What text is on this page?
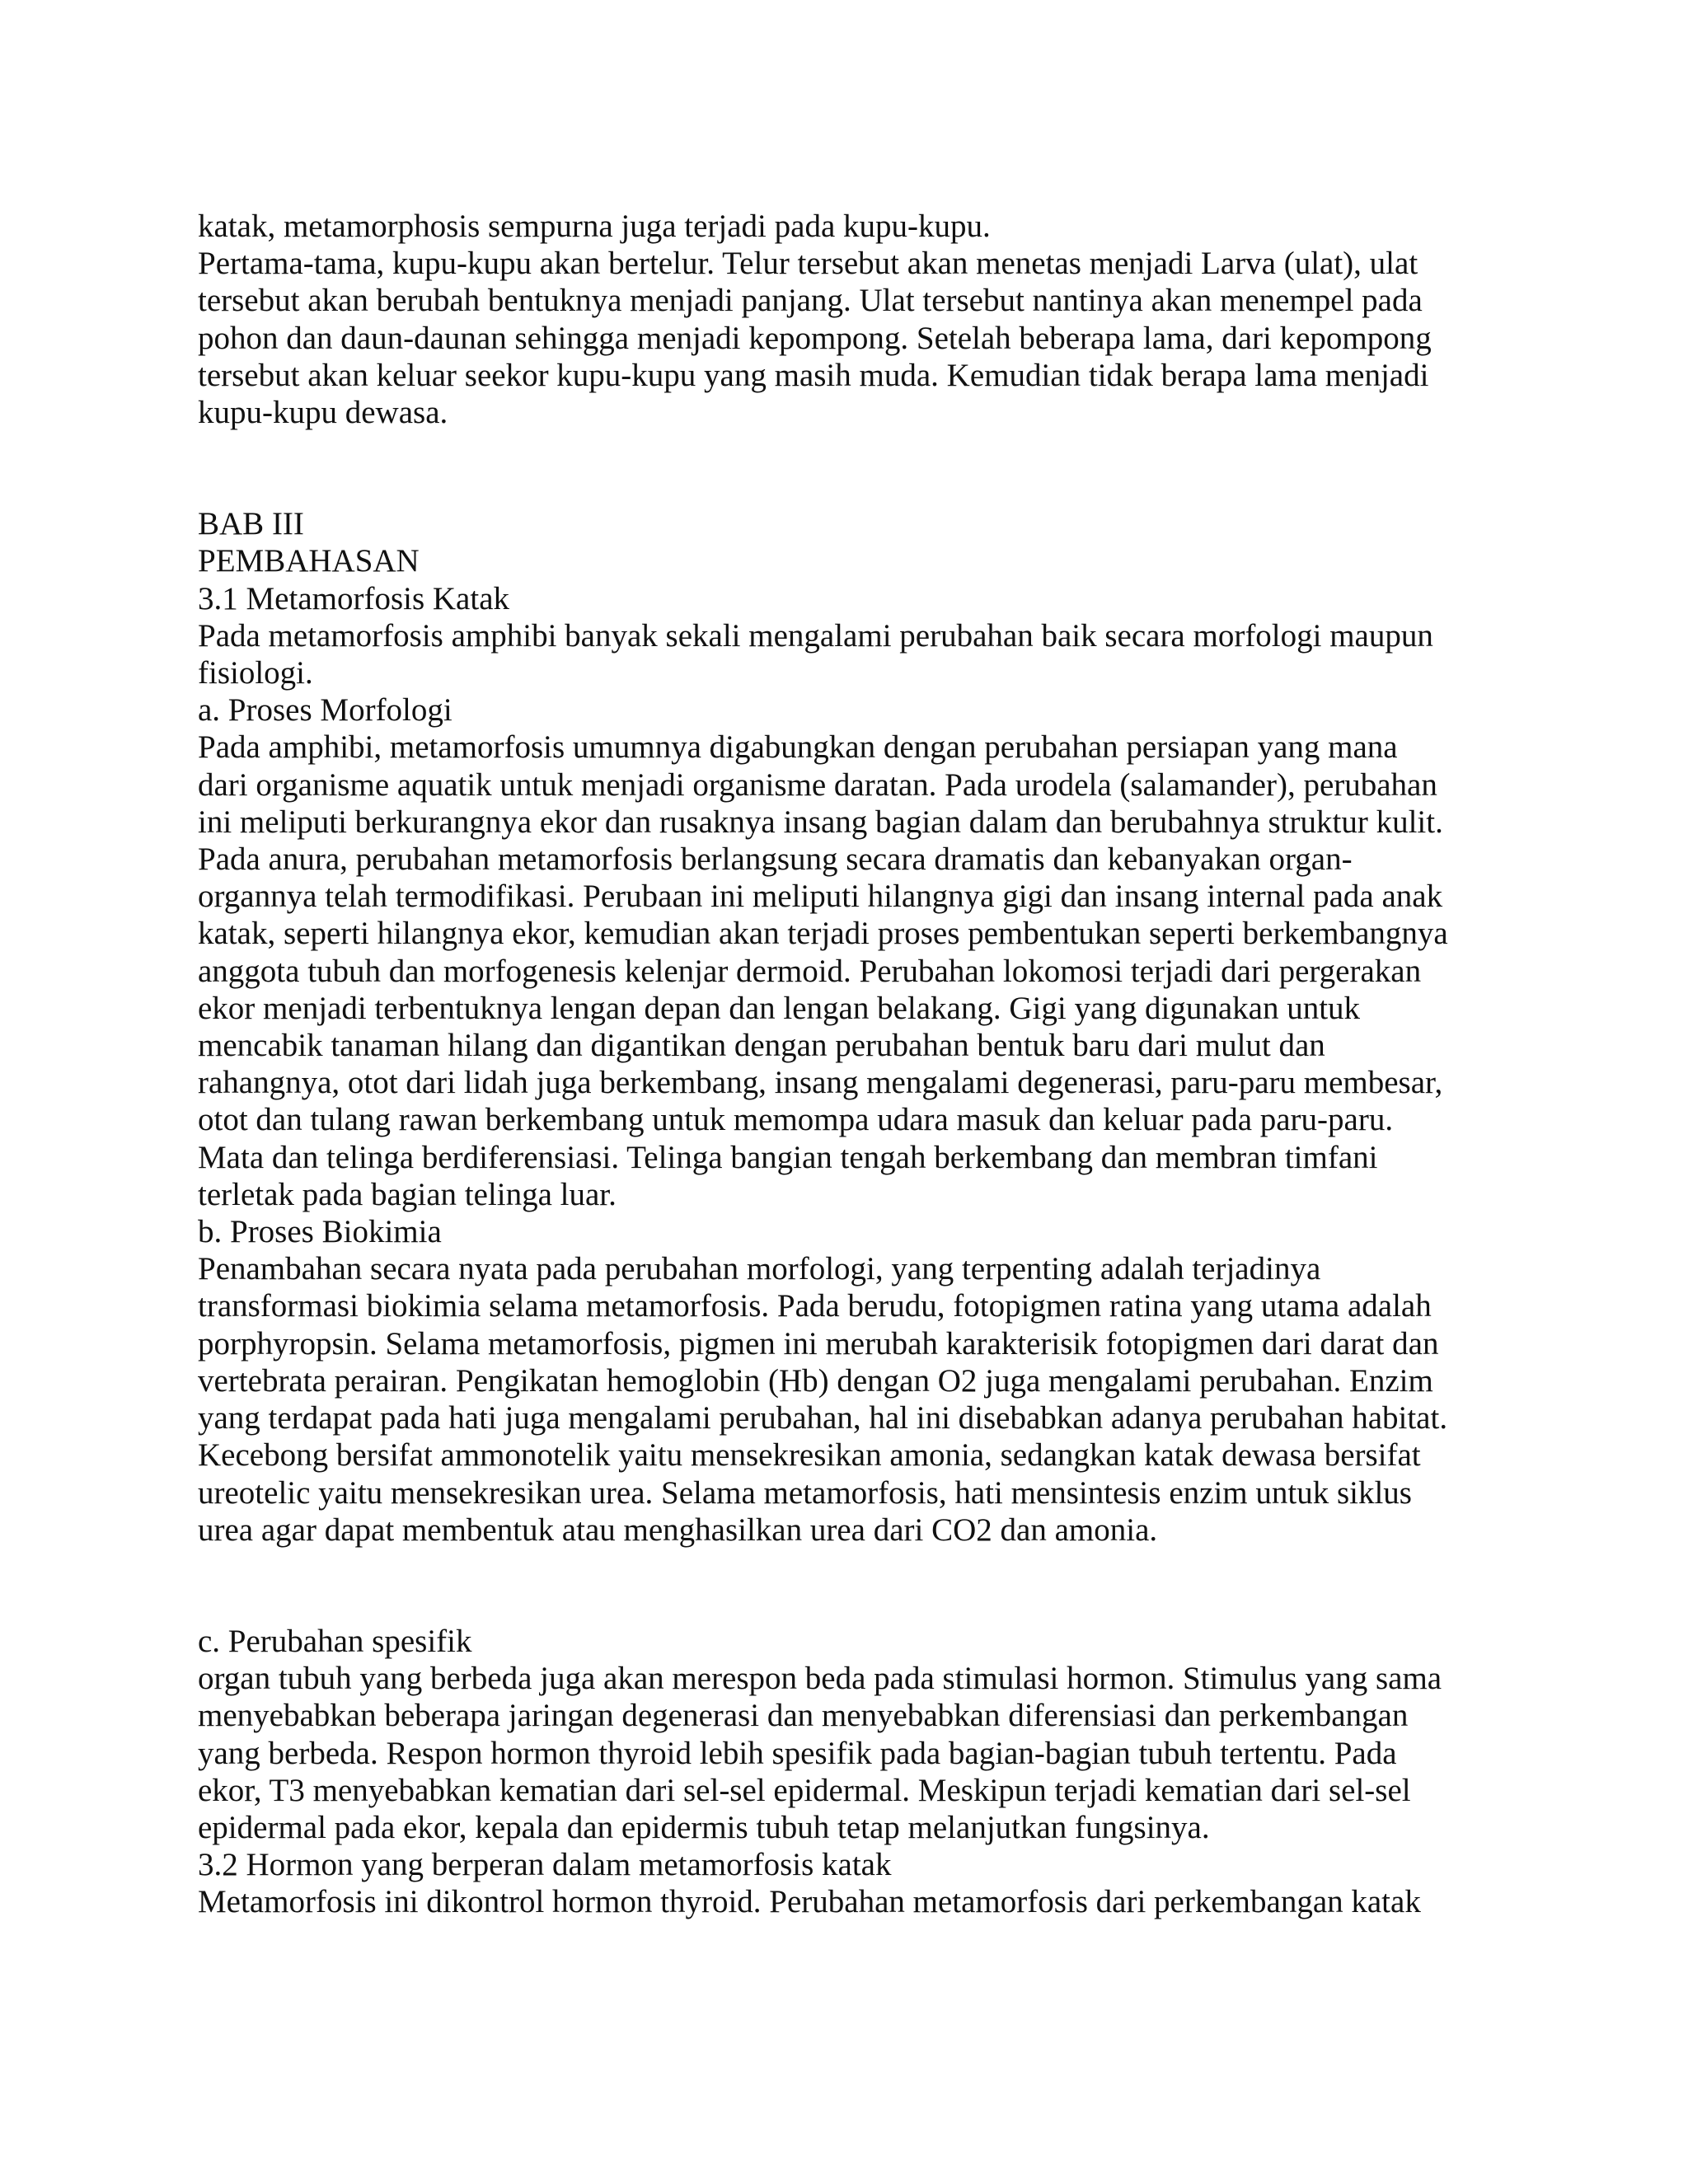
katak, metamorphosis sempurna juga terjadi pada kupu-kupu.
Pertama-tama, kupu-kupu akan bertelur. Telur tersebut akan menetas menjadi Larva (ulat), ulat
tersebut akan berubah bentuknya menjadi panjang. Ulat tersebut nantinya akan menempel pada
pohon dan daun-daunan sehingga menjadi kepompong. Setelah beberapa lama, dari kepompong
tersebut akan keluar seekor kupu-kupu yang masih muda. Kemudian tidak berapa lama menjadi
kupu-kupu dewasa.
BAB III
PEMBAHASAN
3.1 Metamorfosis Katak
Pada metamorfosis amphibi banyak sekali mengalami perubahan baik secara morfologi maupun
fisiologi.
a. Proses Morfologi
Pada amphibi, metamorfosis umumnya digabungkan dengan perubahan persiapan yang mana
dari organisme aquatik untuk menjadi organisme daratan. Pada urodela (salamander), perubahan
ini meliputi berkurangnya ekor dan rusaknya insang bagian dalam dan berubahnya struktur kulit.
Pada anura, perubahan metamorfosis berlangsung secara dramatis dan kebanyakan organ-
organnya telah termodifikasi. Perubaan ini meliputi hilangnya gigi dan insang internal pada anak
katak, seperti hilangnya ekor, kemudian akan terjadi proses pembentukan seperti berkembangnya
anggota tubuh dan morfogenesis kelenjar dermoid. Perubahan lokomosi terjadi dari pergerakan
ekor menjadi terbentuknya lengan depan dan lengan belakang. Gigi yang digunakan untuk
mencabik tanaman hilang dan digantikan dengan perubahan bentuk baru dari mulut dan
rahangnya, otot dari lidah juga berkembang, insang mengalami degenerasi, paru-paru membesar,
otot dan tulang rawan berkembang untuk memompa udara masuk dan keluar pada paru-paru.
Mata dan telinga berdiferensiasi. Telinga bangian tengah berkembang dan membran timfani
terletak pada bagian telinga luar.
b. Proses Biokimia
Penambahan secara nyata pada perubahan morfologi, yang terpenting adalah terjadinya
transformasi biokimia selama metamorfosis. Pada berudu, fotopigmen ratina yang utama adalah
porphyropsin. Selama metamorfosis, pigmen ini merubah karakterisik fotopigmen dari darat dan
vertebrata perairan. Pengikatan hemoglobin (Hb) dengan O2 juga mengalami perubahan. Enzim
yang terdapat pada hati juga mengalami perubahan, hal ini disebabkan adanya perubahan habitat.
Kecebong bersifat ammonotelik yaitu mensekresikan amonia, sedangkan katak dewasa bersifat
ureotelic yaitu mensekresikan urea. Selama metamorfosis, hati mensintesis enzim untuk siklus
urea agar dapat membentuk atau menghasilkan urea dari CO2 dan amonia.
c. Perubahan spesifik
organ tubuh yang berbeda juga akan merespon beda pada stimulasi hormon. Stimulus yang sama
menyebabkan beberapa jaringan degenerasi dan menyebabkan diferensiasi dan perkembangan
yang berbeda. Respon hormon thyroid lebih spesifik pada bagian-bagian tubuh tertentu. Pada
ekor, T3 menyebabkan kematian dari sel-sel epidermal. Meskipun terjadi kematian dari sel-sel
epidermal pada ekor, kepala dan epidermis tubuh tetap melanjutkan fungsinya.
3.2 Hormon yang berperan dalam metamorfosis katak
Metamorfosis ini dikontrol hormon thyroid. Perubahan metamorfosis dari perkembangan katak
